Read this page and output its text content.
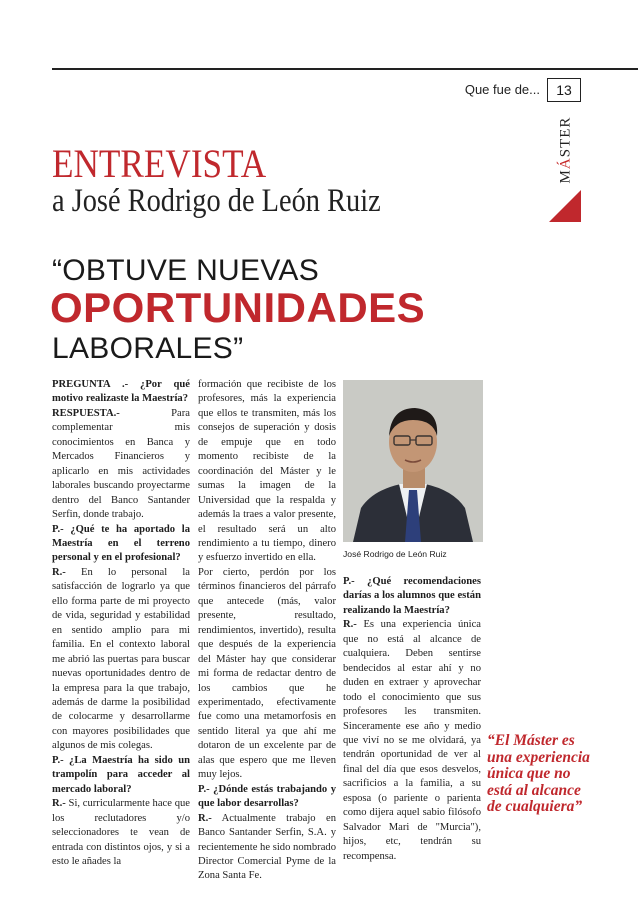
Que fue de...	13
MÁSTER
ENTREVISTA
a José Rodrigo de León Ruiz
“OBTUVE NUEVAS
OPORTUNIDADES
LABORALES”

PREGUNTA .- ¿Por qué motivo realizaste la Maestría?

RESPUESTA.- Para complementar mis conocimientos en Banca y Mercados Financieros y aplicarlo en mis actividades laborales buscando proyectarme dentro del Banco Santander Serfin, donde trabajo.

P.- ¿Qué te ha aportado la Maestría en el terreno personal y en el profesional?

R.- En lo personal la satisfacción de lograrlo ya que ello forma parte de mi proyecto de vida, seguridad y estabilidad en sentido amplio para mi familia. En el contexto laboral me abrió las puertas para buscar nuevas oportunidades dentro de la empresa para la que trabajo, además de darme la posibilidad de colocarme y desarrollarme con mayores posibilidades que algunos de mis colegas.

P.- ¿La Maestría ha sido un trampolín para acceder al mercado laboral?

R.- Si, curricularmente hace que los reclutadores y/o seleccionadores te vean de entrada con distintos ojos, y si a esto le añades la

formación que recibiste de los profesores, más la experiencia que ellos te transmiten, más los consejos de superación y dosis de empuje que en todo momento recibiste de la coordinación del Máster y le sumas la imagen de la Universidad que la respalda y además la traes a valor presente, el resultado será un alto rendimiento a tu tiempo, dinero y esfuerzo invertido en ella.

Por cierto, perdón por los términos financieros del párrafo que antecede (más, valor presente, resultado, rendimientos, invertido), resulta que después de la experiencia del Máster hay que considerar mi forma de redactar dentro de los cambios que he experimentado, efectivamente fue como una metamorfosis en sentido literal ya que ahí me dotaron de un excelente par de alas que espero que me lleven muy lejos.

P.- ¿Dónde estás trabajando y que labor desarrollas?

R.- Actualmente trabajo en Banco Santander Serfin, S.A. y recientemente he sido nombrado Director Comercial Pyme de la Zona Santa Fe.

José Rodrigo de León Ruiz

P.- ¿Qué recomendaciones darías a los alumnos que están realizando la Maestría?

R.- Es una experiencia única que no está al alcance de cualquiera. Deben sentirse bendecidos al estar ahí y no duden en extraer y aprovechar todo el conocimiento que sus profesores les transmiten. Sinceramente ese año y medio que viví no se me olvidará, ya tendrán oportunidad de ver al final del día que esos desvelos, sacrificios a la familia, a su esposa (o pariente o parienta como dijera aquel sabio filósofo Salvador Mari de "Murcia"), hijos, etc, tendrán su recompensa.

“El Máster es una experiencia única que no está al alcance de cualquiera”
